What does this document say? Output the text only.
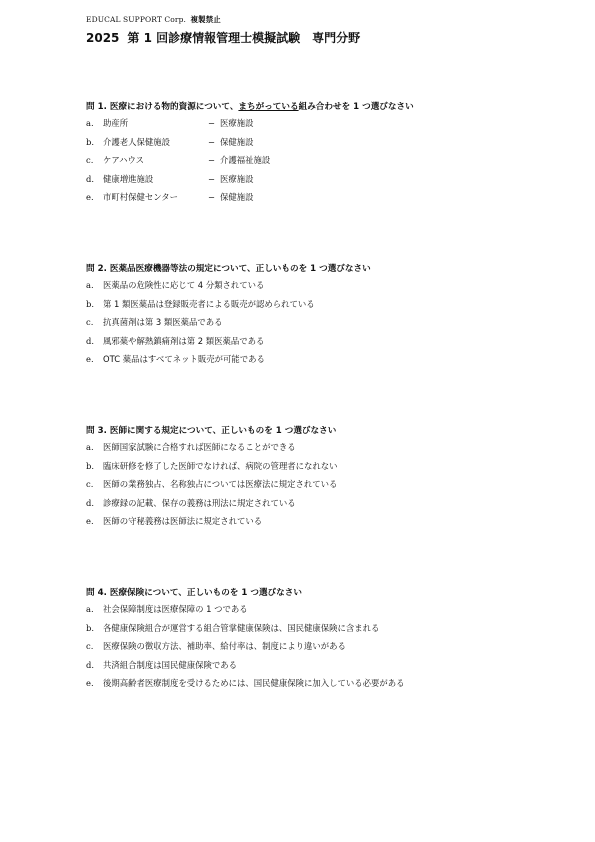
EDUCAL SUPPORT Corp. 複製禁止
2025 第 1 回診療情報管理士模擬試験 専門分野
問 1. 医療における物的資源について、まちがっている組み合わせを 1 つ選びなさい
a. 助産所	− 医療施設
b. 介護老人保健施設	− 保健施設
c. ケアハウス	− 介護福祉施設
d. 健康増進施設	− 医療施設
e. 市町村保健センター	− 保健施設
問 2. 医薬品医療機器等法の規定について、正しいものを 1 つ選びなさい
a. 医薬品の危険性に応じて 4 分類されている
b. 第 1 類医薬品は登録販売者による販売が認められている
c. 抗真菌剤は第 3 類医薬品である
d. 風邪薬や解熱鎮痛剤は第 2 類医薬品である
e. OTC 薬品はすべてネット販売が可能である
問 3. 医師に関する規定について、正しいものを 1 つ選びなさい
a. 医師国家試験に合格すれば医師になることができる
b. 臨床研修を修了した医師でなければ、病院の管理者になれない
c. 医師の業務独占、名称独占については医療法に規定されている
d. 診療録の記載、保存の義務は刑法に規定されている
e. 医師の守秘義務は医師法に規定されている
問 4. 医療保険について、正しいものを 1 つ選びなさい
a. 社会保障制度は医療保障の 1 つである
b. 各健康保険組合が運営する組合管掌健康保険は、国民健康保険に含まれる
c. 医療保険の徴収方法、補助率、給付率は、制度により違いがある
d. 共済組合制度は国民健康保険である
e. 後期高齢者医療制度を受けるためには、国民健康保険に加入している必要がある
